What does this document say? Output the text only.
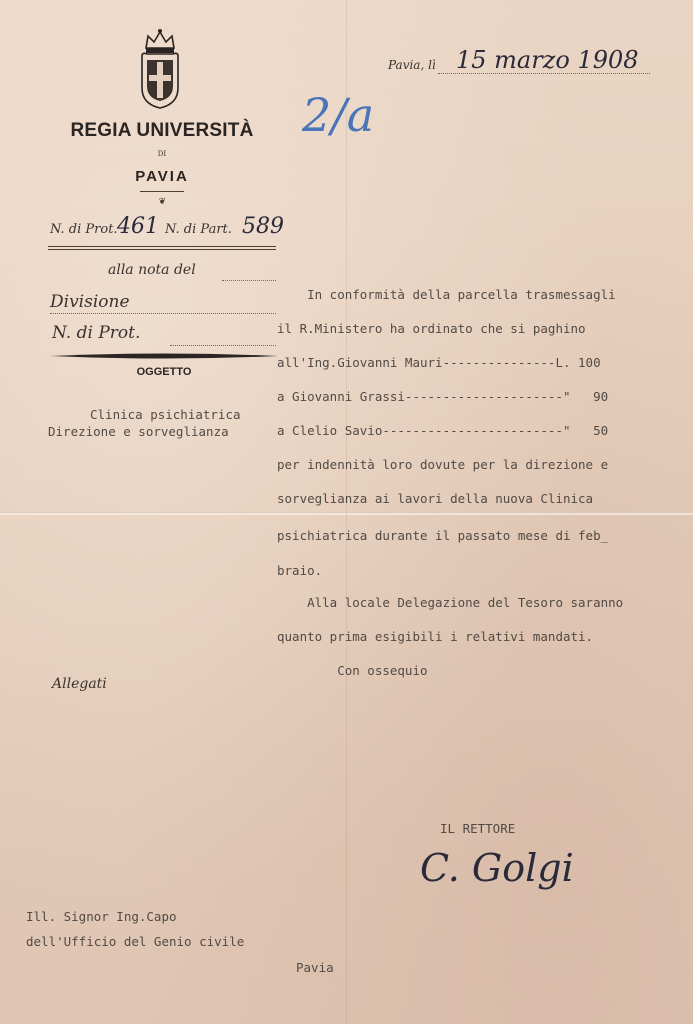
REGIA UNIVERSITÀ
DI
PAVIA
❦
Pavia, lì 15 marzo 1908
2/a
N. di Prot. 461 N. di Part. 589
alla nota del
Divisione
N. di Prot.
OGGETTO
Clinica psichiatrica
Direzione e sorveglianza
In conformità della parcella trasmessagli
il R.Ministero ha ordinato che si paghino
all'Ing.Giovanni Mauri---------------L. 100
a Giovanni Grassi---------------------"   90
a Clelio Savio------------------------"   50
per indennità loro dovute per la direzione e
sorveglianza ai lavori della nuova Clinica
psichiatrica durante il passato mese di feb_
braio.
Alla locale Delegazione del Tesoro saranno
quanto prima esigibili i relativi mandati.
Con ossequio
Allegati
IL RETTORE
C. Golgi
Ill. Signor Ing.Capo
dell'Ufficio del Genio civile
Pavia
